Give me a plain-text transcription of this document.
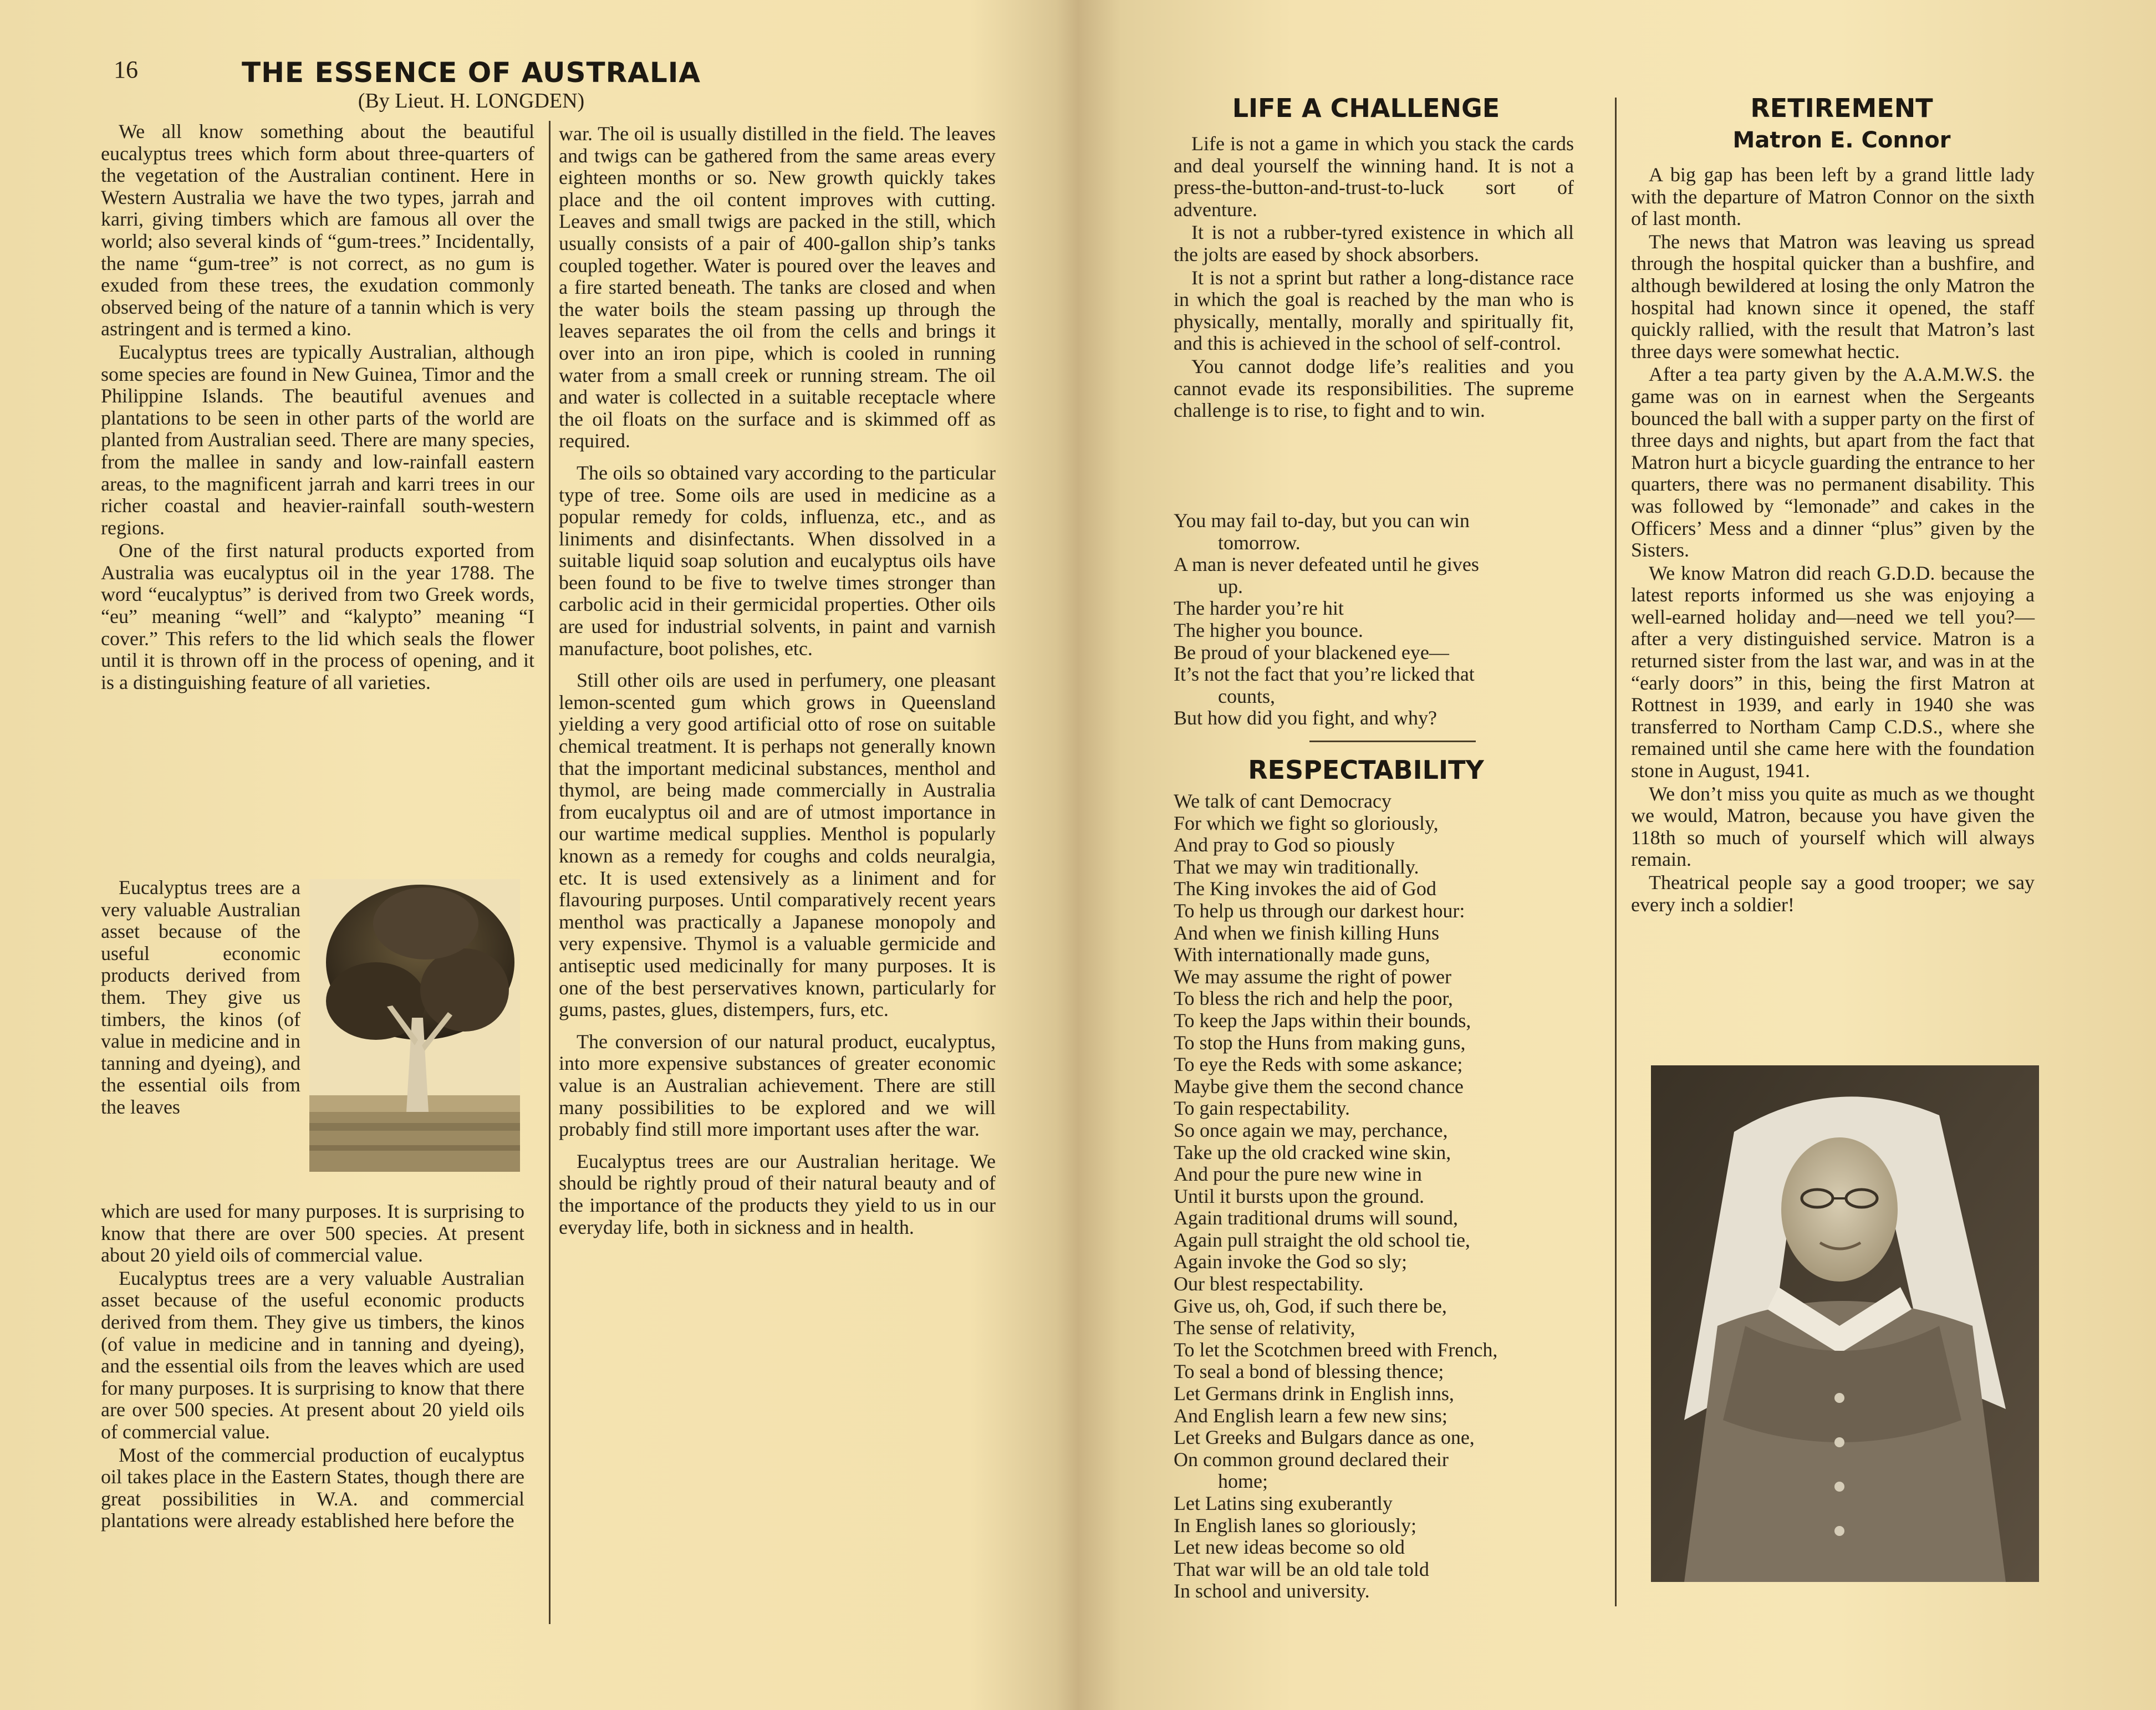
16	THE ESSENCE OF AUSTRALIA

(By Lieut. H. LONGDEN)

We all know something about the beautiful eucalyptus trees which form about three-quarters of the vegetation of the Australian continent. Here in Western Australia we have the two types, jarrah and karri, giving timbers which are famous all over the world; also several kinds of “gum-trees.” Incidentally, the name “gum-tree” is not correct, as no gum is exuded from these trees, the exudation commonly observed being of the nature of a tannin which is very astringent and is termed a kino.

Eucalyptus trees are typically Australian, although some species are found in New Guinea, Timor and the Philippine Islands. The beautiful avenues and plantations to be seen in other parts of the world are planted from Australian seed. There are many species, from the mallee in sandy and low-rainfall eastern areas, to the magnificent jarrah and karri trees in our richer coastal and heavier-rainfall south-western regions.

One of the first natural products exported from Australia was eucalyptus oil in the year 1788. The word “eucalyptus” is derived from two Greek words, “eu” meaning “well” and “kalypto” meaning “I cover.” This refers to the lid which seals the flower until it is thrown off in the process of opening, and it is a distinguishing feature of all varieties.

Eucalyptus trees are a very valuable Australian asset because of the useful economic products derived from them. They give us timbers, the kinos (of value in medicine and in tanning and dyeing), and the essential oils from the leaves

which are used for many purposes. It is surprising to know that there are over 500 species. At present about 20 yield oils of commercial value.

Eucalyptus trees are a very valuable Australian asset because of the useful economic products derived from them. They give us timbers, the kinos (of value in medicine and in tanning and dyeing), and the essential oils from the leaves which are used for many purposes. It is surprising to know that there are over 500 species. At present about 20 yield oils of commercial value.

Most of the commercial production of eucalyptus oil takes place in the Eastern States, though there are great possibilities in W.A. and commercial plantations were already established here before the

war. The oil is usually distilled in the field. The leaves and twigs can be gathered from the same areas every eighteen months or so. New growth quickly takes place and the oil content improves with cutting. Leaves and small twigs are packed in the still, which usually consists of a pair of 400-gallon ship’s tanks coupled together. Water is poured over the leaves and a fire started beneath. The tanks are closed and when the water boils the steam passing up through the leaves separates the oil from the cells and brings it over into an iron pipe, which is cooled in running water from a small creek or running stream. The oil and water is collected in a suitable receptacle where the oil floats on the surface and is skimmed off as required.

The oils so obtained vary according to the particular type of tree. Some oils are used in medicine as a popular remedy for colds, influenza, etc., and as liniments and disinfectants. When dissolved in a suitable liquid soap solution and eucalyptus oils have been found to be five to twelve times stronger than carbolic acid in their germicidal properties. Other oils are used for industrial solvents, in paint and varnish manufacture, boot polishes, etc.

Still other oils are used in perfumery, one pleasant lemon-scented gum which grows in Queensland yielding a very good artificial otto of rose on suitable chemical treatment. It is perhaps not generally known that the important medicinal substances, menthol and thymol, are being made commercially in Australia from eucalyptus oil and are of utmost importance in our wartime medical supplies. Menthol is popularly known as a remedy for coughs and colds neuralgia, etc. It is used extensively as a liniment and for flavouring purposes. Until comparatively recent years menthol was practically a Japanese monopoly and very expensive. Thymol is a valuable germicide and antiseptic used medicinally for many purposes. It is one of the best perservatives known, particularly for gums, pastes, glues, distempers, furs, etc.

The conversion of our natural product, eucalyptus, into more expensive substances of greater economic value is an Australian achievement. There are still many possibilities to be explored and we will probably find still more important uses after the war.

Eucalyptus trees are our Australian heritage. We should be rightly proud of their natural beauty and of the importance of the products they yield to us in our everyday life, both in sickness and in health.

LIFE A CHALLENGE

Life is not a game in which you stack the cards and deal yourself the winning hand. It is not a press-the-button-and-trust-to-luck sort of adventure.

It is not a rubber-tyred existence in which all the jolts are eased by shock absorbers.

It is not a sprint but rather a long-distance race in which the goal is reached by the man who is physically, mentally, morally and spiritually fit, and this is achieved in the school of self-control.

You cannot dodge life’s realities and you cannot evade its responsibilities. The supreme challenge is to rise, to fight and to win.

You may fail to-day, but you can win
tomorrow.
A man is never defeated until he gives
up.
The harder you’re hit
The higher you bounce.
Be proud of your blackened eye—
It’s not the fact that you’re licked that
counts,
But how did you fight, and why?
RESPECTABILITY
We talk of cant Democracy
For which we fight so gloriously,
And pray to God so piously
That we may win traditionally.
The King invokes the aid of God
To help us through our darkest hour:
And when we finish killing Huns
With internationally made guns,
We may assume the right of power
To bless the rich and help the poor,
To keep the Japs within their bounds,
To stop the Huns from making guns,
To eye the Reds with some askance;
Maybe give them the second chance
To gain respectability.
So once again we may, perchance,
Take up the old cracked wine skin,
And pour the pure new wine in
Until it bursts upon the ground.
Again traditional drums will sound,
Again pull straight the old school tie,
Again invoke the God so sly;
Our blest respectability.
Give us, oh, God, if such there be,
The sense of relativity,
To let the Scotchmen breed with French,
To seal a bond of blessing thence;
Let Germans drink in English inns,
And English learn a few new sins;
Let Greeks and Bulgars dance as one,
On common ground declared their
home;
Let Latins sing exuberantly
In English lanes so gloriously;
Let new ideas become so old
That war will be an old tale told
In school and university.
RETIREMENT
Matron E. Connor

A big gap has been left by a grand little lady with the departure of Matron Connor on the sixth of last month.

The news that Matron was leaving us spread through the hospital quicker than a bushfire, and although bewildered at losing the only Matron the hospital had known since it opened, the staff quickly rallied, with the result that Matron’s last three days were somewhat hectic.

After a tea party given by the A.A.M.W.S. the game was on in earnest when the Sergeants bounced the ball with a supper party on the first of three days and nights, but apart from the fact that Matron hurt a bicycle guarding the entrance to her quarters, there was no permanent disability. This was followed by “lemonade” and cakes in the Officers’ Mess and a dinner “plus” given by the Sisters.

We know Matron did reach G.D.D. because the latest reports informed us she was enjoying a well-earned holiday and—need we tell you?—after a very distinguished service. Matron is a returned sister from the last war, and was in at the “early doors” in this, being the first Matron at Rottnest in 1939, and early in 1940 she was transferred to Northam Camp C.D.S., where she remained until she came here with the foundation stone in August, 1941.

We don’t miss you quite as much as we thought we would, Matron, because you have given the 118th so much of yourself which will always remain.

Theatrical people say a good trooper; we say every inch a soldier!
